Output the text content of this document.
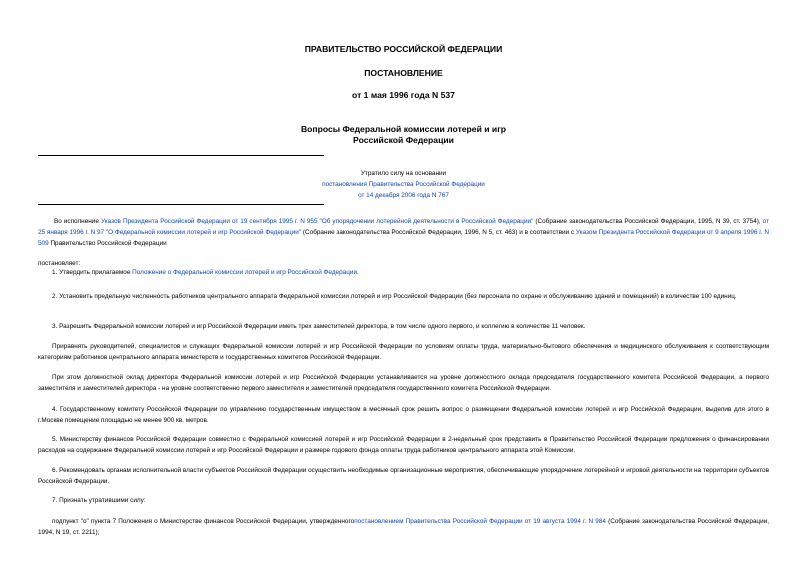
ПРАВИТЕЛЬСТВО РОССИЙСКОЙ ФЕДЕРАЦИИ
ПОСТАНОВЛЕНИЕ
от 1 мая 1996 года N 537
Вопросы Федеральной комиссии лотерей и игр
Российской Федерации
Утратило силу на основании
постановления Правительства Российской Федерации
от 14 декабря 2006 года N 767
Во исполнение Указов Президента Российской Федерации от 19 сентября 1995 г. N 955 "Об упорядочении лотерейной деятельности в Российской Федерации" (Собрание законодательства Российской Федерации, 1995, N 39, ст. 3754), от 25 января 1996 г. N 97 "О Федеральной комиссии лотерей и игр Российской Федерации" (Собрание законодательства Российской Федерации, 1996, N 5, ст. 463) и в соответствии с Указом Президента Российской Федерации от 9 апреля 1996 г. N 509 Правительство Российской Федерации
постановляет:
1. Утвердить прилагаемое Положение о Федеральной комиссии лотерей и игр Российской Федерации.
2. Установить предельную численность работников центрального аппарата Федеральной комиссии лотерей и игр Российской Федерации (без персонала по охране и обслуживанию зданий и помещений) в количестве 100 единиц.
3. Разрешить Федеральной комиссии лотерей и игр Российской Федерации иметь трех заместителей директора, в том числе одного первого, и коллегию в количестве 11 человек.
Приравнять руководителей, специалистов и служащих Федеральной комиссии лотерей и игр Российской Федерации по условиям оплаты труда, материально-бытового обеспечения и медицинского обслуживания к соответствующим категориям работников центрального аппарата министерств и государственных комитетов Российской Федерации.
При этом должностной оклад директора Федеральной комиссии лотерей и игр Российской Федерации устанавливается на уровне должностного оклада председателя государственного комитета Российской Федерации, а первого заместителя и заместителей директора - на уровне соответственно первого заместителя и заместителей председателя государственного комитета Российской Федерации.
4. Государственному комитету Российской Федерации по управлению государственным имуществом в месячный срок решить вопрос о размещении Федеральной комиссии лотерей и игр Российской Федерации, выделив для этого в г.Москве помещение площадью не менее 900 кв. метров.
5. Министерству финансов Российской Федерации совместно с Федеральной комиссией лотерей и игр Российской Федерации в 2-недельный срок представить в Правительство Российской Федерации предложения о финансировании расходов на содержание Федеральной комиссии лотерей и игр Российской Федерации и размере годового фонда оплаты труда работников центрального аппарата этой Комиссии.
6. Рекомендовать органам исполнительной власти субъектов Российской Федерации осуществить необходимые организационные мероприятия, обеспечивающие упорядочение лотерейной и игровой деятельности на территории субъектов Российской Федерации.
7. Признать утратившими силу:
подпункт "о" пункта 7 Положения о Министерстве финансов Российской Федерации, утвержденногопостановлением Правительства Российской Федерации от 19 августа 1994 г. N 984 (Собрание законодательства Российской Федерации, 1994, N 19, ст. 2211);
